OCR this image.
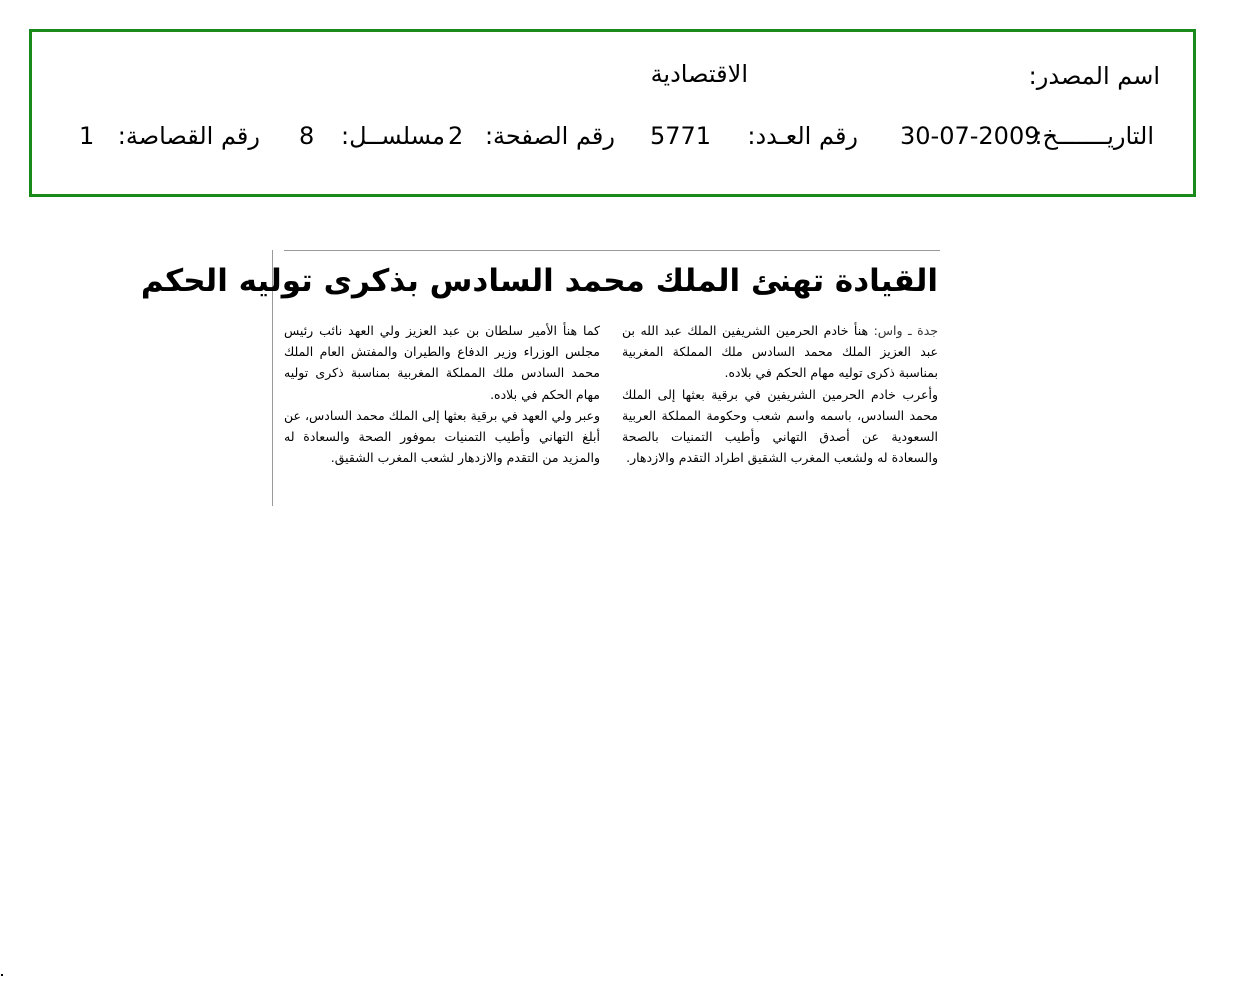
اسم المصدر:
الاقتصادية
التاريـــــــخ:
30-07-2009
رقم العـدد:
5771
رقم الصفحة:
2
مسلســل:
8
رقم القصاصة:
1
القيادة تهنئ الملك محمد السادس بذكرى توليه الحكم

جدة ـ واس: هنأ خادم الحرمين الشريفين الملك عبد الله بن عبد العزيز الملك محمد السادس ملك المملكة المغربية بمناسبة ذكرى توليه مهام الحكم في بلاده.

وأعرب خادم الحرمين الشريفين في برقية بعثها إلى الملك محمد السادس، باسمه واسم شعب وحكومة المملكة العربية السعودية عن أصدق التهاني وأطيب التمنيات بالصحة والسعادة له ولشعب المغرب الشقيق اطراد التقدم والازدهار.

كما هنأ الأمير سلطان بن عبد العزيز ولي العهد نائب رئيس مجلس الوزراء وزير الدفاع والطيران والمفتش العام الملك محمد السادس ملك المملكة المغربية بمناسبة ذكرى توليه مهام الحكم في بلاده.

وعبر ولي العهد في برقية بعثها إلى الملك محمد السادس، عن أبلغ التهاني وأطيب التمنيات بموفور الصحة والسعادة له والمزيد من التقدم والازدهار لشعب المغرب الشقيق.
